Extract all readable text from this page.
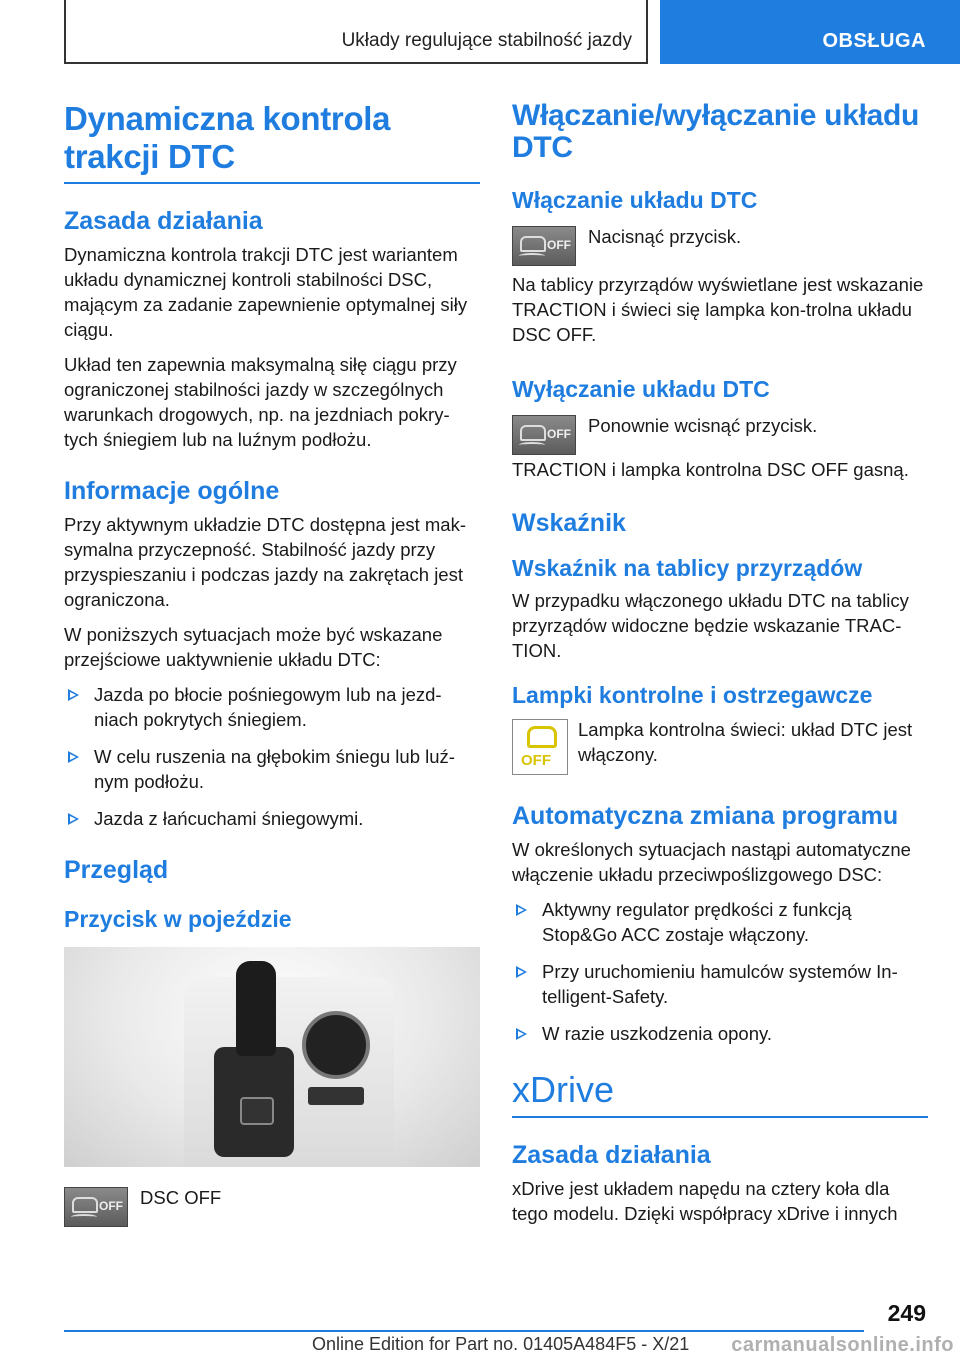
Układy regulujące stabilność jazdy	OBSŁUGA
Dynamiczna kontrola trakcji DTC
Zasada działania

Dynamiczna kontrola trakcji DTC jest wariantem układu dynamicznej kontroli stabilności DSC, mającym za zadanie zapewnienie optymalnej siły ciągu.

Układ ten zapewnia maksymalną siłę ciągu przy ograniczonej stabilności jazdy w szczególnych warunkach drogowych, np. na jezdniach pokry-tych śniegiem lub na luźnym podłożu.

Informacje ogólne

Przy aktywnym układzie DTC dostępna jest mak-symalna przyczepność. Stabilność jazdy przy przyspieszaniu i podczas jazdy na zakrętach jest ograniczona.

W poniższych sytuacjach może być wskazane przejściowe uaktywnienie układu DTC:

Jazda po błocie pośniegowym lub na jezd-niach pokrytych śniegiem.
W celu ruszenia na głębokim śniegu lub luź-nym podłożu.
Jazda z łańcuchami śniegowymi.
Przegląd
Przycisk w pojeździe
OFF DSC OFF

Włączanie/wyłączanie układu DTC
Włączanie układu DTC
OFF Nacisnąć przycisk.

Na tablicy przyrządów wyświetlane jest wskazanie TRACTION i świeci się lampka kon-trolna układu DSC OFF.

Wyłączanie układu DTC
OFF Ponownie wcisnąć przycisk.

TRACTION i lampka kontrolna DSC OFF gasną.

Wskaźnik
Wskaźnik na tablicy przyrządów

W przypadku włączonego układu DTC na tablicy przyrządów widoczne będzie wskazanie TRAC-TION.

Lampki kontrolne i ostrzegawcze
OFF

Lampka kontrolna świeci: układ DTC jest włączony.

Automatyczna zmiana programu

W określonych sytuacjach nastąpi automatyczne włączenie układu przeciwpoślizgowego DSC:

Aktywny regulator prędkości z funkcją Stop&Go ACC zostaje włączony.
Przy uruchomieniu hamulców systemów In-telligent-Safety.
W razie uszkodzenia opony.
xDrive
Zasada działania

xDrive jest układem napędu na cztery koła dla tego modelu. Dzięki współpracy xDrive i innych

249
Online Edition for Part no. 01405A484F5 - X/21 carmanualsonline.info
